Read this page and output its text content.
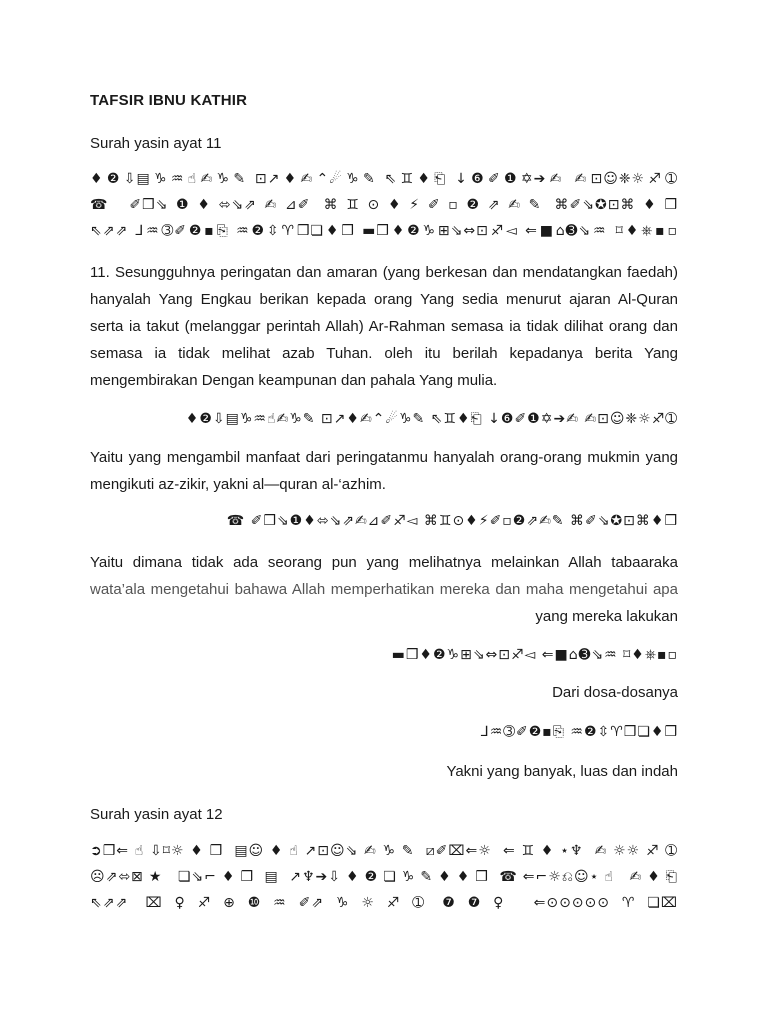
TAFSIR IBNU KATHIR
Surah yasin ayat 11
♦❷⇩▤♑♒☝✍♑✎ ⊡↗♦✍⌃☄♑✎ ⇖♊♦⎗ ↓❻✐❶✡➔✍ ✍⊡☺❈☼♐➀
☎ ✐❒⇘❶♦⬄⇘⇗✍⊿✐ ⌘♊⊙♦⚡✐▫❷⇗✍✎ ⌘✐⇘✪⊡⌘♦❒
⇖⇗⇗ ⅃♒➂✐❷▪⎘ ♒❷⇳♈❒❏♦❒ ▬❒♦❷♑⊞⇘⇔⊡♐◅ ⇐■⌂➌⇘♒ ⌑♦⎈▪▫
11. Sesungguhnya peringatan dan amaran (yang berkesan dan mendatangkan faedah)
hanyalah Yang Engkau berikan kepada orang Yang sedia menurut ajaran Al-Quran
serta ia takut (melanggar perintah Allah) Ar-Rahman semasa ia tidak dilihat orang dan
semasa ia tidak melihat azab Tuhan. oleh itu berilah kepadanya berita Yang
mengembirakan Dengan keampunan dan pahala Yang mulia.
♦❷⇩▤♑♒☝✍♑✎ ⊡↗♦✍⌃☄♑✎ ⇖♊♦⎗ ↓❻✐❶✡➔✍ ✍⊡☺❈☼♐➀
Yaitu yang mengambil manfaat dari peringatanmu hanyalah orang-orang mukmin yang
mengikuti az-zikir, yakni al—quran al-‘azhim.
☎ ✐❒⇘❶♦⬄⇘⇗✍⊿✐♐◅ ⌘♊⊙♦⚡✐▫❷⇗✍✎ ⌘✐⇘✪⊡⌘♦❒
Yaitu dimana tidak ada seorang pun yang melihatnya melainkan Allah tabaaraka
wata’ala mengetahui bahawa Allah memperhatikan mereka dan maha mengetahui apa
yang mereka lakukan
▬❒♦❷♑⊞⇘⇔⊡♐◅ ⇐■⌂➌⇘♒ ⌑♦⎈▪▫
Dari dosa-dosanya
⅃♒➂✐❷▪⎘ ♒❷⇳♈❒❏♦❒
Yakni yang banyak, luas dan indah
Surah yasin ayat 12
➲❒⇐☝⇩⌑☼♦❒ ▤☺♦☝↗⊡☺⇘✍♑✎ ⧄✐⌧⇐☼ ⇐♊♦⋆♆ ✍☼☼♐➀
☹⇗⬄⊠★ ❏⇘⌐♦❒ ▤ ↗♆➔⇩♦❷❏♑✎♦♦❒ ☎⇐⌐☼⎌☺⋆☝ ✍♦⎗
⇖⇗⇗ ⌧♀♐⊕❿♒✐⇗♑☼♐➀ ❼❼♀ ⇐⊙⊙⊙⊙⊙♈❏⌧
